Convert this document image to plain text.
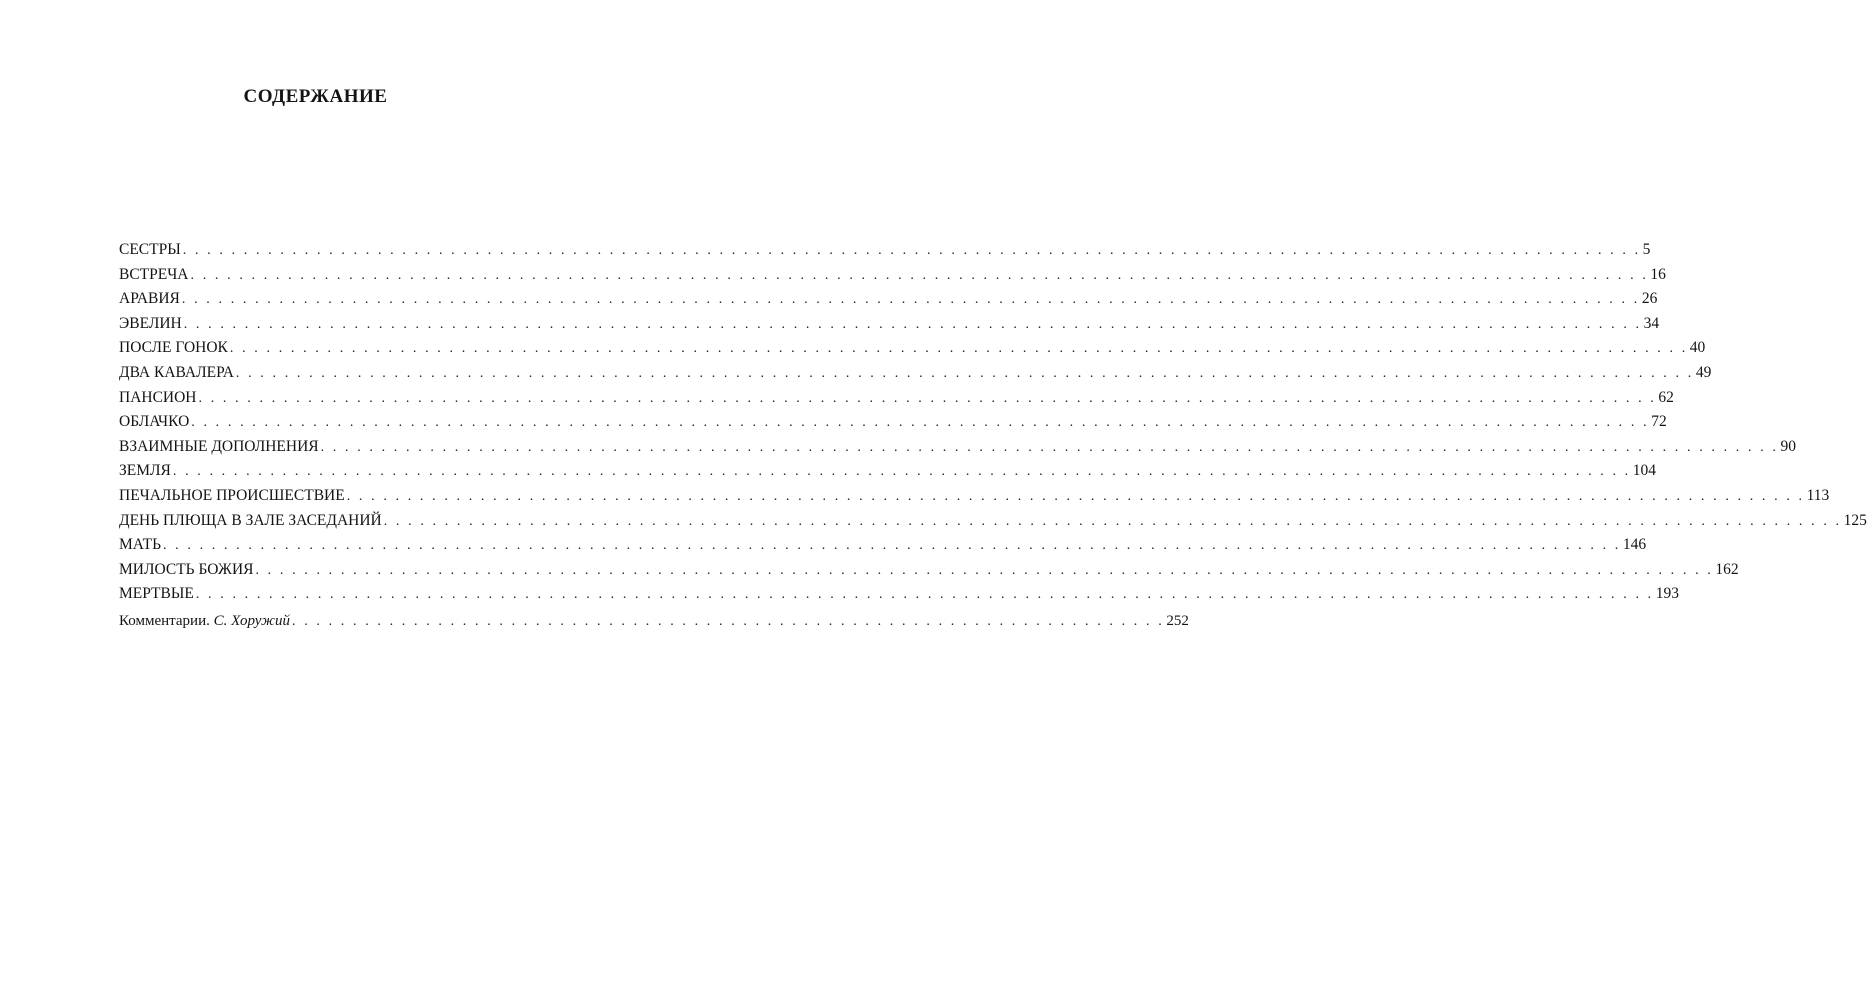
СОДЕРЖАНИЕ
СЕСТРЫ . . . . . . . . . . . . . . . . . . . . . . . . . . . . . . . . . . . . . . . . . . . . . . . . . . . . . . . . . . . . . . . . . . . . . . . . . . . . . . . . . . . . . . . . . . . . . . . . . . . . . . . . . . . . . . . . . . . . . . . . 5
ВСТРЕЧА . . . . . . . . . . . . . . . . . . . . . . . . . . . . . . . . . . . . . . . . . . . . . . . . . . . . . . . . . . . . . . . . . . . . . . . . . . . . . . . . . . . . . . . . . . . . . . . . . . . . . . . . . . . . . . . . . . . . . . . . 16
АРАВИЯ . . . . . . . . . . . . . . . . . . . . . . . . . . . . . . . . . . . . . . . . . . . . . . . . . . . . . . . . . . . . . . . . . . . . . . . . . . . . . . . . . . . . . . . . . . . . . . . . . . . . . . . . . . . . . . . . . . . . . . . . 26
ЭВЕЛИН . . . . . . . . . . . . . . . . . . . . . . . . . . . . . . . . . . . . . . . . . . . . . . . . . . . . . . . . . . . . . . . . . . . . . . . . . . . . . . . . . . . . . . . . . . . . . . . . . . . . . . . . . . . . . . . . . . . . . . . . 34
ПОСЛЕ ГОНОК . . . . . . . . . . . . . . . . . . . . . . . . . . . . . . . . . . . . . . . . . . . . . . . . . . . . . . . . . . . . . . . . . . . . . . . . . . . . . . . . . . . . . . . . . . . . . . . . . . . . . . . . . . . . . . . . . . . . . . . . 40
ДВА КАВАЛЕРА . . . . . . . . . . . . . . . . . . . . . . . . . . . . . . . . . . . . . . . . . . . . . . . . . . . . . . . . . . . . . . . . . . . . . . . . . . . . . . . . . . . . . . . . . . . . . . . . . . . . . . . . . . . . . . . . . . . . . . . . 49
ПАНСИОН . . . . . . . . . . . . . . . . . . . . . . . . . . . . . . . . . . . . . . . . . . . . . . . . . . . . . . . . . . . . . . . . . . . . . . . . . . . . . . . . . . . . . . . . . . . . . . . . . . . . . . . . . . . . . . . . . . . . . . . . 62
ОБЛАЧКО . . . . . . . . . . . . . . . . . . . . . . . . . . . . . . . . . . . . . . . . . . . . . . . . . . . . . . . . . . . . . . . . . . . . . . . . . . . . . . . . . . . . . . . . . . . . . . . . . . . . . . . . . . . . . . . . . . . . . . . . 72
ВЗАИМНЫЕ ДОПОЛНЕНИЯ . . . . . . . . . . . . . . . . . . . . . . . . . . . . . . . . . . . . . . . . . . . . . . . . . . . . . . . . . . . . . . . . . . . . . . . . . . . . . . . . . . . . . . . . . . . . . . . . . . . . . . . . . . . . . . . . . . . . . . . . 90
ЗЕМЛЯ . . . . . . . . . . . . . . . . . . . . . . . . . . . . . . . . . . . . . . . . . . . . . . . . . . . . . . . . . . . . . . . . . . . . . . . . . . . . . . . . . . . . . . . . . . . . . . . . . . . . . . . . . . . . . . . . . . . . . . . . 104
ПЕЧАЛЬНОЕ ПРОИСШЕСТВИЕ . . . . . . . . . . . . . . . . . . . . . . . . . . . . . . . . . . . . . . . . . . . . . . . . . . . . . . . . . . . . . . . . . . . . . . . . . . . . . . . . . . . . . . . . . . . . . . . . . . . . . . . . . . . . . . . . . . . . . . . . 113
ДЕНЬ ПЛЮЩА В ЗАЛЕ ЗАСЕДАНИЙ . . . . . . . . . . . . . . . . . . . . . . . . . . . . . . . . . . . . . . . . . . . . . . . . . . . . . . . . . . . . . . . . . . . . . . . . . . . . . . . . . . . . . . . . . . . . . . . . . . . . . . . . . . . . . . . . . . . . . . . . 125
МАТЬ . . . . . . . . . . . . . . . . . . . . . . . . . . . . . . . . . . . . . . . . . . . . . . . . . . . . . . . . . . . . . . . . . . . . . . . . . . . . . . . . . . . . . . . . . . . . . . . . . . . . . . . . . . . . . . . . . . . . . . . . 146
МИЛОСТЬ БОЖИЯ . . . . . . . . . . . . . . . . . . . . . . . . . . . . . . . . . . . . . . . . . . . . . . . . . . . . . . . . . . . . . . . . . . . . . . . . . . . . . . . . . . . . . . . . . . . . . . . . . . . . . . . . . . . . . . . . . . . . . . . . 162
МЕРТВЫЕ . . . . . . . . . . . . . . . . . . . . . . . . . . . . . . . . . . . . . . . . . . . . . . . . . . . . . . . . . . . . . . . . . . . . . . . . . . . . . . . . . . . . . . . . . . . . . . . . . . . . . . . . . . . . . . . . . . . . . . . . 193
Комментарии. С. Хоружий . . . . . . . . . . . . . . . . . . . . . . . . . . . . . . . . . . . . . . . . . . . . . . . . . . . . . . . . . . . . . . . . . . . . . . . . 252
